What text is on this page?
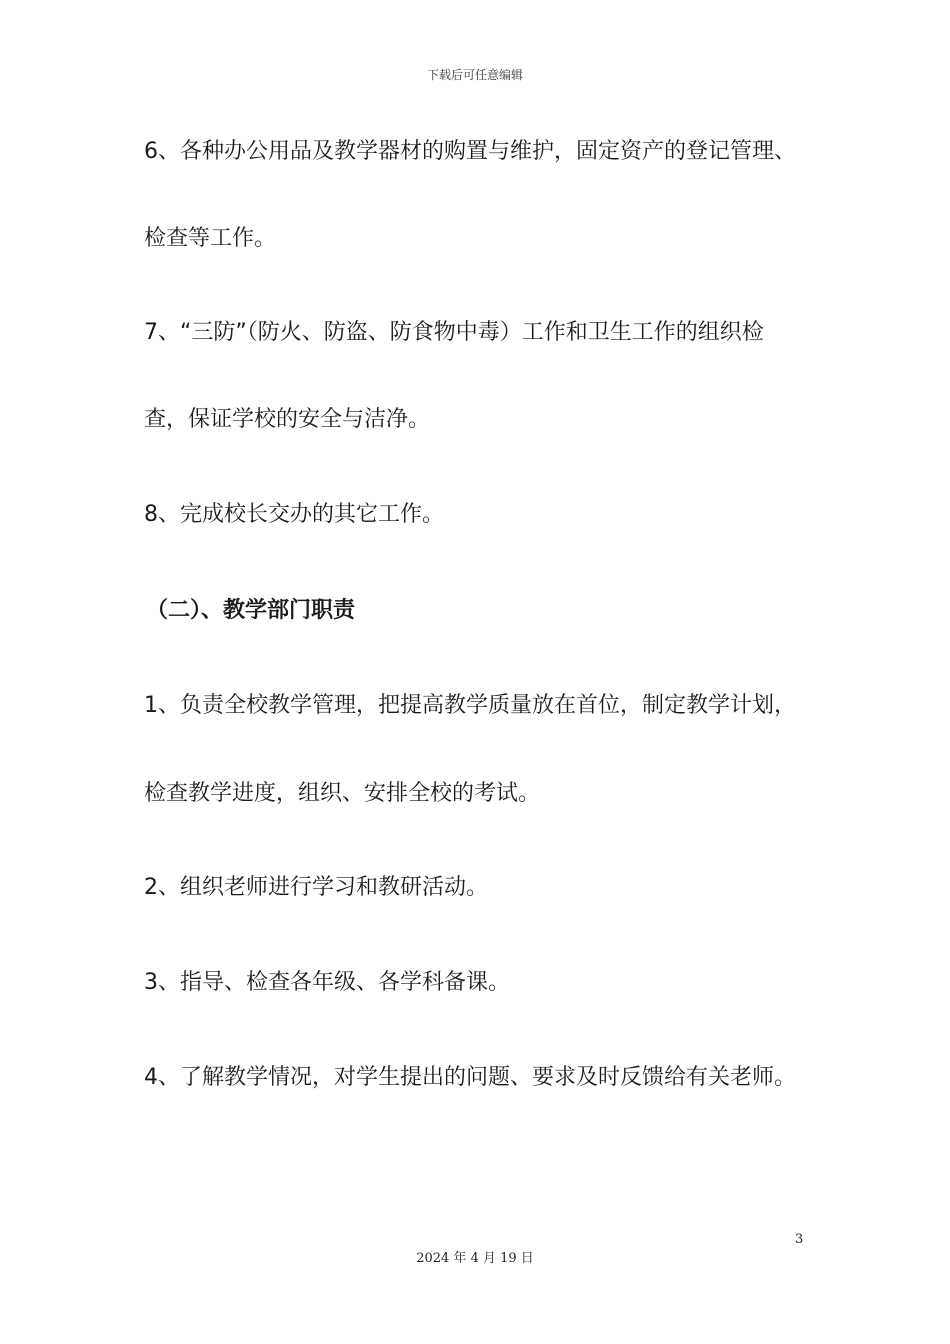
下载后可任意编辑
6、各种办公用品及教学器材的购置与维护，固定资产的登记管理、
检查等工作。
7、“三防”（防火、防盗、防食物中毒）工作和卫生工作的组织检
查，保证学校的安全与洁净。
8、完成校长交办的其它工作。
（二）、教学部门职责
1、负责全校教学管理，把提高教学质量放在首位，制定教学计划，
检查教学进度，组织、安排全校的考试。
2、组织老师进行学习和教研活动。
3、指导、检查各年级、各学科备课。
4、了解教学情况，对学生提出的问题、要求及时反馈给有关老师。
3
2024 年 4 月 19 日
